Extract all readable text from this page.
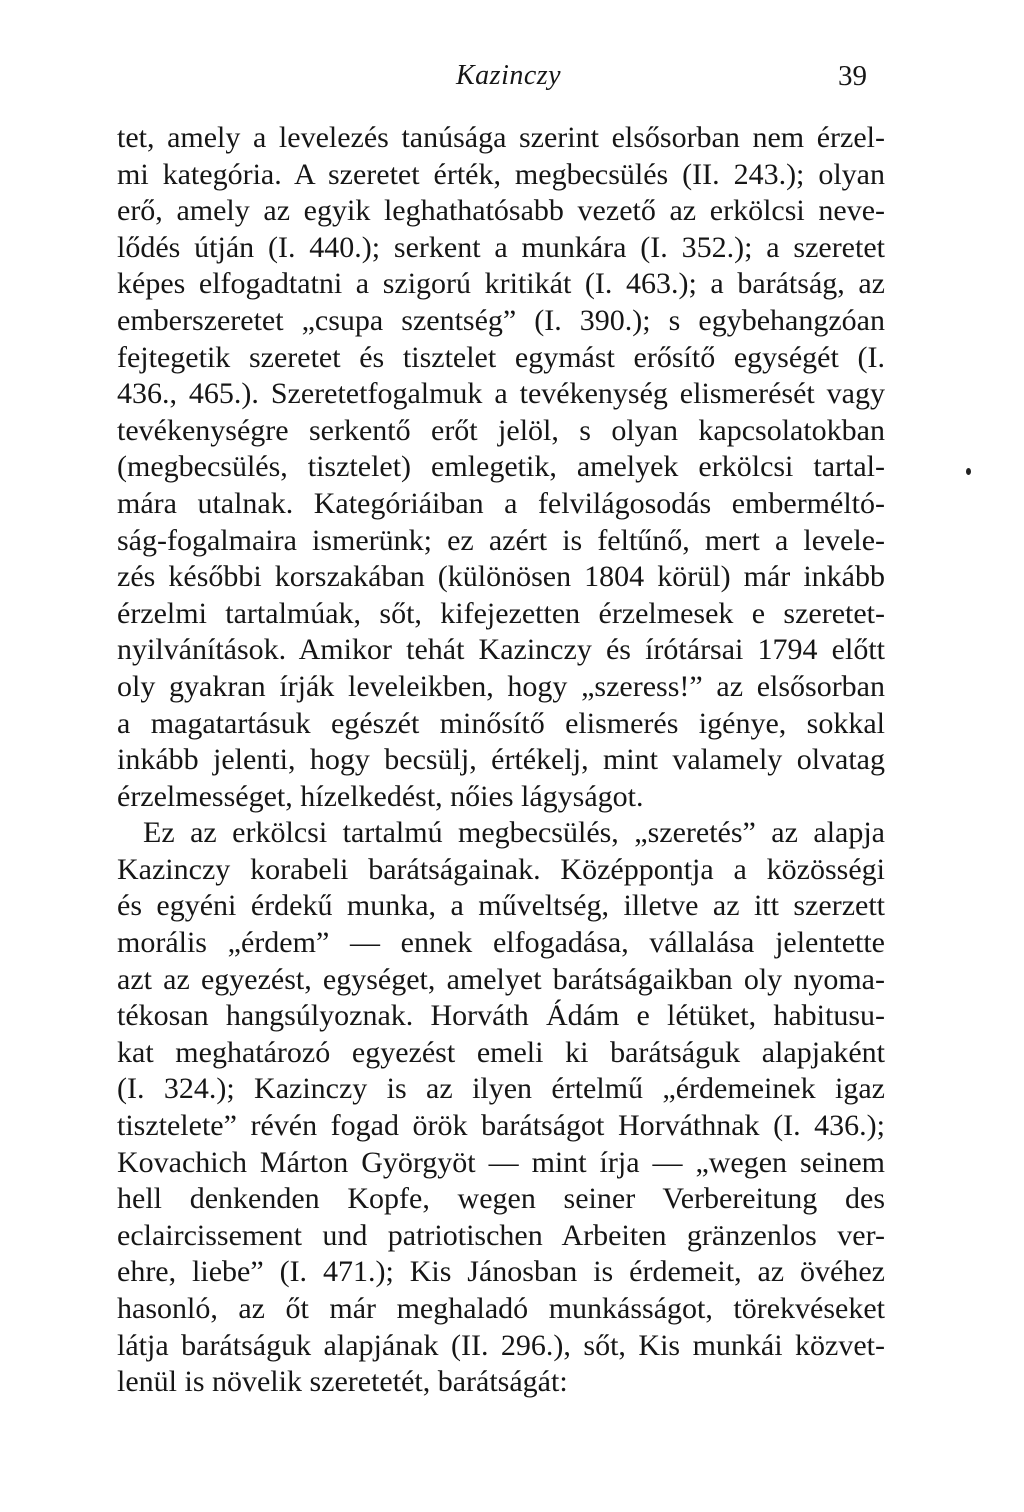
Kazinczy	39
tet, amely a levelezés tanúsága szerint elsősorban nem érzel-
mi kategória. A szeretet érték, megbecsülés (II. 243.); olyan
erő, amely az egyik leghathatósabb vezető az erkölcsi neve-
lődés útján (I. 440.); serkent a munkára (I. 352.); a szeretet
képes elfogadtatni a szigorú kritikát (I. 463.); a barátság, az
emberszeretet „csupa szentség” (I. 390.); s egybehangzóan
fejtegetik szeretet és tisztelet egymást erősítő egységét (I.
436., 465.). Szeretetfogalmuk a tevékenység elismerését vagy
tevékenységre serkentő erőt jelöl, s olyan kapcsolatokban
(megbecsülés, tisztelet) emlegetik, amelyek erkölcsi tartal-
mára utalnak. Kategóriáiban a felvilágosodás emberméltó-
ság-fogalmaira ismerünk; ez azért is feltűnő, mert a levele-
zés későbbi korszakában (különösen 1804 körül) már inkább
érzelmi tartalmúak, sőt, kifejezetten érzelmesek e szeretet-
nyilvánítások. Amikor tehát Kazinczy és írótársai 1794 előtt
oly gyakran írják leveleikben, hogy „szeress!” az elsősorban
a magatartásuk egészét minősítő elismerés igénye, sokkal
inkább jelenti, hogy becsülj, értékelj, mint valamely olvatag
érzelmességet, hízelkedést, nőies lágyságot.
Ez az erkölcsi tartalmú megbecsülés, „szeretés” az alapja
Kazinczy korabeli barátságainak. Középpontja a közösségi
és egyéni érdekű munka, a műveltség, illetve az itt szerzett
morális „érdem” — ennek elfogadása, vállalása jelentette
azt az egyezést, egységet, amelyet barátságaikban oly nyoma-
tékosan hangsúlyoznak. Horváth Ádám e létüket, habitusu-
kat meghatározó egyezést emeli ki barátságuk alapjaként
(I. 324.); Kazinczy is az ilyen értelmű „érdemeinek igaz
tisztelete” révén fogad örök barátságot Horváthnak (I. 436.);
Kovachich Márton Györgyöt — mint írja — „wegen seinem
hell denkenden Kopfe, wegen seiner Verbereitung des
eclaircissement und patriotischen Arbeiten gränzenlos ver-
ehre, liebe” (I. 471.); Kis Jánosban is érdemeit, az övéhez
hasonló, az őt már meghaladó munkásságot, törekvéseket
látja barátságuk alapjának (II. 296.), sőt, Kis munkái közvet-
lenül is növelik szeretetét, barátságát:
